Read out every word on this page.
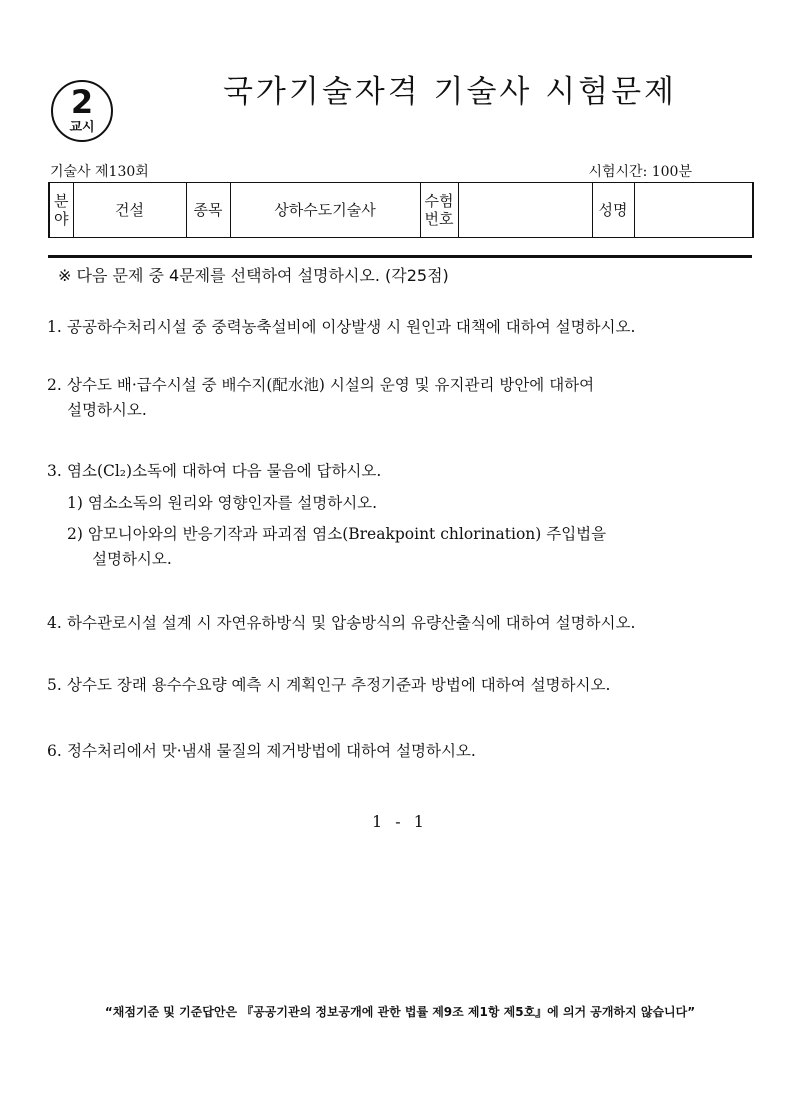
2
교시
국가기술자격 기술사 시험문제
기술사 제130회	시험시간: 100분
분야	건설	종목	상하수도기술사	수험번호		성명	
※ 다음 문제 중 4문제를 선택하여 설명하시오. (각25점)
1. 공공하수처리시설 중 중력농축설비에 이상발생 시 원인과 대책에 대하여 설명하시오.
2. 상수도 배·급수시설 중 배수지(配水池) 시설의 운영 및 유지관리 방안에 대하여
설명하시오.
3. 염소(Cl₂)소독에 대하여 다음 물음에 답하시오.
1) 염소소독의 원리와 영향인자를 설명하시오.
2) 암모니아와의 반응기작과 파괴점 염소(Breakpoint chlorination) 주입법을
설명하시오.
4. 하수관로시설 설계 시 자연유하방식 및 압송방식의 유량산출식에 대하여 설명하시오.
5. 상수도 장래 용수수요량 예측 시 계획인구 추정기준과 방법에 대하여 설명하시오.
6. 정수처리에서 맛·냄새 물질의 제거방법에 대하여 설명하시오.
1 - 1
“채점기준 및 기준답안은 『공공기관의 정보공개에 관한 법률 제9조 제1항 제5호』에 의거 공개하지 않습니다”
